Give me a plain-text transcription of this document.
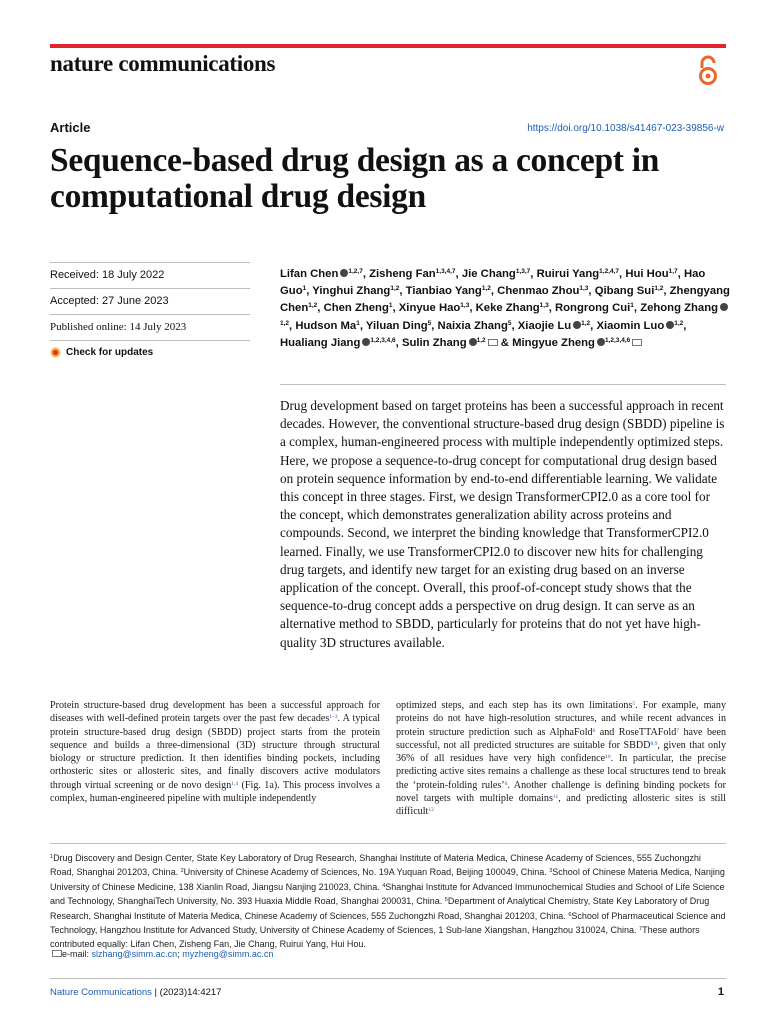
nature communications
Article	https://doi.org/10.1038/s41467-023-39856-w
Sequence-based drug design as a concept in computational drug design
Received: 18 July 2022
Accepted: 27 June 2023
Published online: 14 July 2023
Check for updates

Lifan Chen $^{1,2,7}$, Zisheng Fan$^{1,3,4,7}$, Jie Chang$^{1,3,7}$, Ruirui Yang$^{1,2,4,7}$, Hui Hou$^{1,7}$, Hao Guo$^1$, Yinghui Zhang$^{1,2}$, Tianbiao Yang$^{1,2}$, Chenmao Zhou$^{1,3}$, Qibang Sui$^{1,2}$, Zhengyang Chen$^{1,2}$, Chen Zheng$^1$, Xinyue Hao$^{1,3}$, Keke Zhang$^{1,3}$, Rongrong Cui$^1$, Zehong Zhang$^{1,2}$, Hudson Ma$^1$, Yiluan Ding$^5$, Naixia Zhang$^5$, Xiaojie Lu $^{1,2}$, Xiaomin Luo $^{1,2}$, Hualiang Jiang $^{1,2,3,4,6}$, Sulin Zhang $^{1,2}$ & Mingyue Zheng $^{1,2,3,4,6}$

Drug development based on target proteins has been a successful approach in recent decades. However, the conventional structure-based drug design (SBDD) pipeline is a complex, human-engineered process with multiple independently optimized steps. Here, we propose a sequence-to-drug concept for computational drug design based on protein sequence information by end-to-end differentiable learning. We validate this concept in three stages. First, we design TransformerCPI2.0 as a core tool for the concept, which demonstrates generalization ability across proteins and compounds. Second, we interpret the binding knowledge that TransformerCPI2.0 learned. Finally, we use TransformerCPI2.0 to discover new hits for challenging drug targets, and identify new target for an existing drug based on an inverse application of the concept. Overall, this proof-of-concept study shows that the sequence-to-drug concept adds a perspective on drug design. It can serve as an alternative method to SBDD, particularly for proteins that do not yet have high-quality 3D structures available.

Protein structure-based drug development has been a successful approach for diseases with well-defined protein targets over the past few decades$^{1-3}$. A typical protein structure-based drug design (SBDD) project starts from the protein sequence and builds a three-dimensional (3D) structure through structural biology or structure prediction. It then identifies binding pockets, including orthosteric sites or allosteric sites, and finally discovers active modulators through virtual screening or de novo design$^{1,4}$ (Fig. 1a). This process involves a complex, human-engineered pipeline with multiple independently

optimized steps, and each step has its own limitations$^5$. For example, many proteins do not have high-resolution structures, and while recent advances in protein structure prediction such as AlphaFold$^6$ and RoseTTAFold$^7$ have been successful, not all predicted structures are suitable for SBDD$^{8,9}$, given that only 36% of all residues have very high confidence$^{10}$. In particular, the precise predicting active sites remains a challenge as these local structures tend to break the ‘protein-folding rules’$^6$. Another challenge is defining binding pockets for novel targets with multiple domains$^{11}$, and predicting allosteric sites is still difficult$^{12}$

$^1$Drug Discovery and Design Center, State Key Laboratory of Drug Research, Shanghai Institute of Materia Medica, Chinese Academy of Sciences, 555 Zuchongzhi Road, Shanghai 201203, China. $^2$University of Chinese Academy of Sciences, No. 19A Yuquan Road, Beijing 100049, China. $^3$School of Chinese Materia Medica, Nanjing University of Chinese Medicine, 138 Xianlin Road, Jiangsu Nanjing 210023, China. $^4$Shanghai Institute for Advanced Immunochemical Studies and School of Life Science and Technology, ShanghaiTech University, No. 393 Huaxia Middle Road, Shanghai 200031, China. $^5$Department of Analytical Chemistry, State Key Laboratory of Drug Research, Shanghai Institute of Materia Medica, Chinese Academy of Sciences, 555 Zuchongzhi Road, Shanghai 201203, China. $^6$School of Pharmaceutical Science and Technology, Hangzhou Institute for Advanced Study, University of Chinese Academy of Sciences, 1 Sub-lane Xiangshan, Hangzhou 310024, China. $^7$These authors contributed equally: Lifan Chen, Zisheng Fan, Jie Chang, Ruirui Yang, Hui Hou.

e-mail: slzhang@simm.ac.cn; myzheng@simm.ac.cn
Nature Communications | (2023)14:4217	1
